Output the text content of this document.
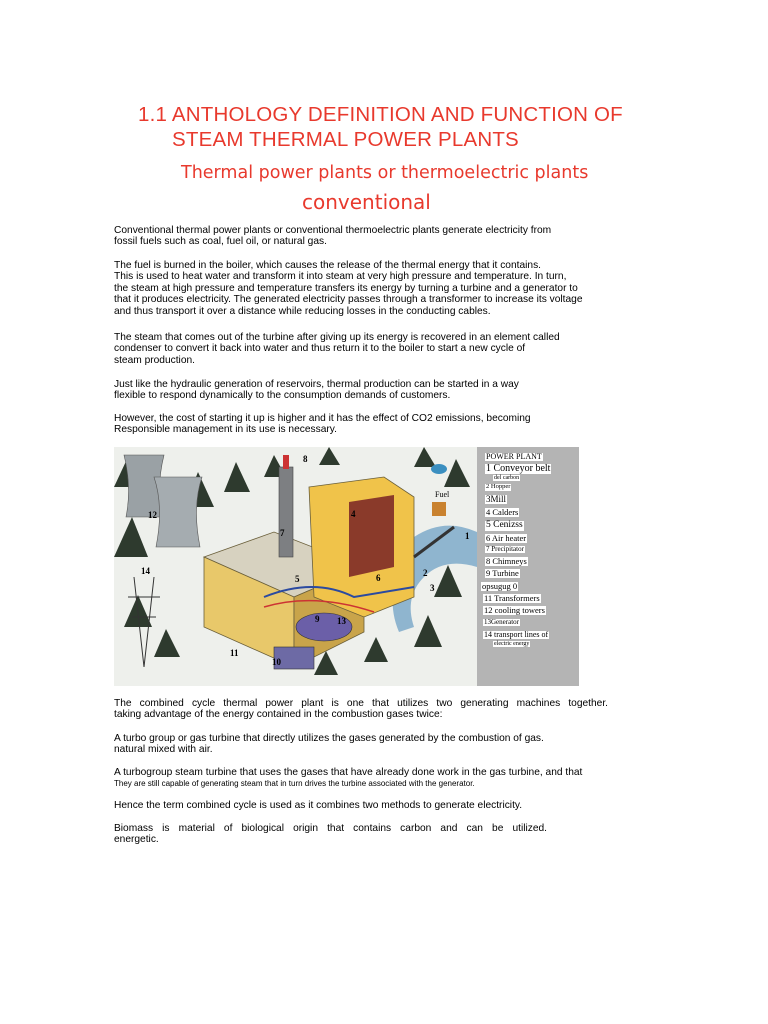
1.1 ANTHOLOGY DEFINITION AND FUNCTION OF
STEAM THERMAL POWER PLANTS
Thermal power plants or thermoelectric plants
conventional
Conventional thermal power plants or conventional thermoelectric plants generate electricity from
fossil fuels such as coal, fuel oil, or natural gas.
The fuel is burned in the boiler, which causes the release of the thermal energy that it contains.
This is used to heat water and transform it into steam at very high pressure and temperature. In turn,
the steam at high pressure and temperature transfers its energy by turning a turbine and a generator to
that it produces electricity. The generated electricity passes through a transformer to increase its voltage
and thus transport it over a distance while reducing losses in the conducting cables.
The steam that comes out of the turbine after giving up its energy is recovered in an element called
condenser to convert it back into water and thus return it to the boiler to start a new cycle of
steam production.
Just like the hydraulic generation of reservoirs, thermal production can be started in a way
flexible to respond dynamically to the consumption demands of customers.
However, the cost of starting it up is higher and it has the effect of CO2 emissions, becoming
Responsible management in its use is necessary.
1
2
3
4
5	6
7
8
9
10
11
12
13
14
Fuel
POWER PLANT
1 Conveyor belt
del carbon
2 Hopper
3Mill
4 Calders
5 Cenizss
6 Air heater
7 Precipitator
8 Chimneys
9 Turbine
opsugug 0
11 Transformers
12 cooling towers
13Generator
14 transport lines of
electric energy
The combined cycle thermal power plant is one that utilizes two generating machines together.
taking advantage of the energy contained in the combustion gases twice:
A turbo group or gas turbine that directly utilizes the gases generated by the combustion of gas.
natural mixed with air.
A turbogroup steam turbine that uses the gases that have already done work in the gas turbine, and that
They are still capable of generating steam that in turn drives the turbine associated with the generator.
Hence the term combined cycle is used as it combines two methods to generate electricity.
Biomass is material of biological origin that contains carbon and can be utilized.
energetic.
